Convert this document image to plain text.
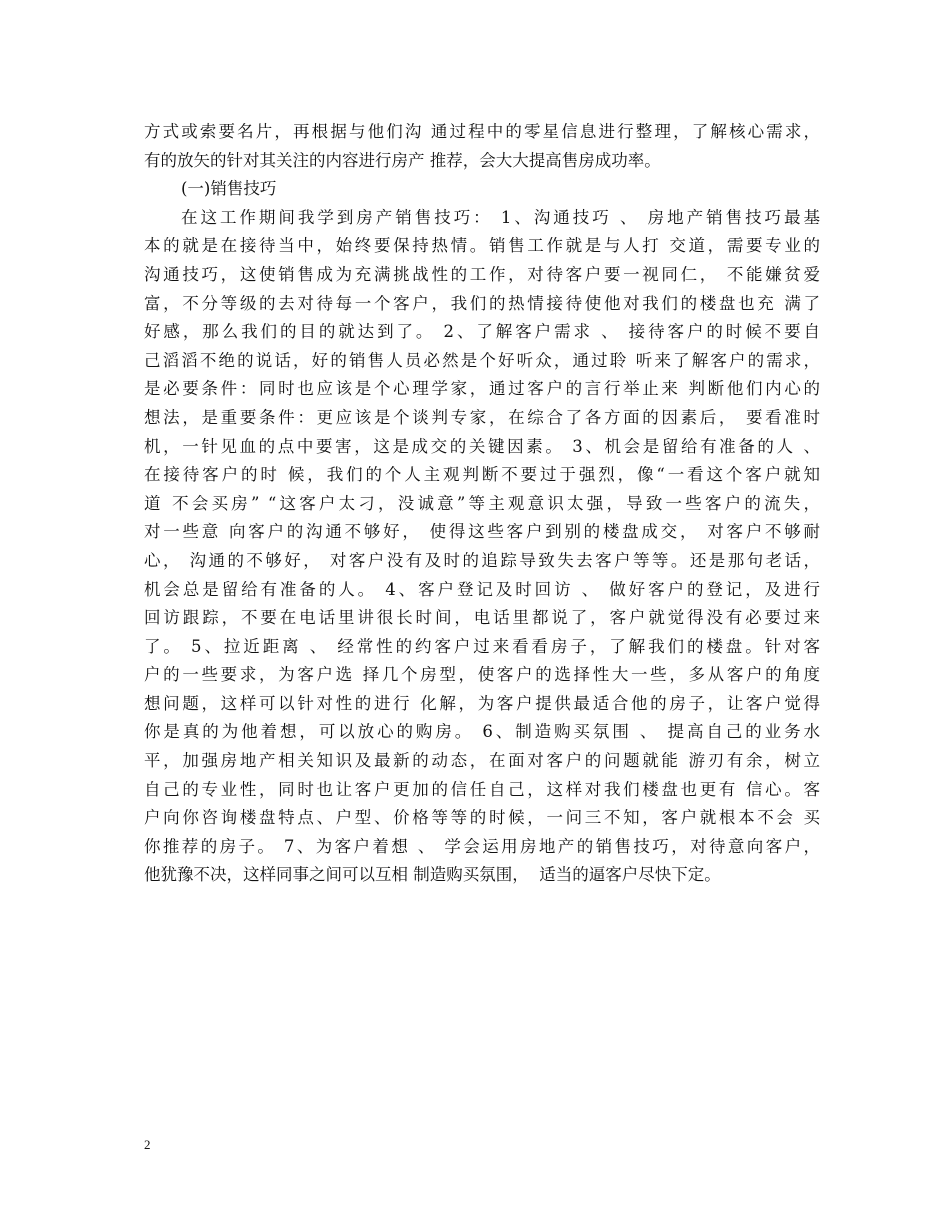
方式或索要名片，再根据与他们沟 通过程中的零星信息进行整理，了解核心需求，
有的放矢的针对其关注的内容进行房产 推荐，会大大提高售房成功率。
(一)销售技巧
在这工作期间我学到房产销售技巧： 1、沟通技巧 、 房地产销售技巧最基
本的就是在接待当中，始终要保持热情。销售工作就是与人打 交道，需要专业的
沟通技巧，这使销售成为充满挑战性的工作，对待客户要一视同仁， 不能嫌贫爱
富，不分等级的去对待每一个客户，我们的热情接待使他对我们的楼盘也充 满了
好感，那么我们的目的就达到了。 2、了解客户需求 、 接待客户的时候不要自
己滔滔不绝的说话，好的销售人员必然是个好听众，通过聆 听来了解客户的需求，
是必要条件：同时也应该是个心理学家，通过客户的言行举止来 判断他们内心的
想法，是重要条件：更应该是个谈判专家，在综合了各方面的因素后， 要看准时
机，一针见血的点中要害，这是成交的关键因素。 3、机会是留给有准备的人 、
在接待客户的时 候，我们的个人主观判断不要过于强烈，像“一看这个客户就知
道 不会买房” “这客户太刁，没诚意”等主观意识太强，导致一些客户的流失，
对一些意 向客户的沟通不够好， 使得这些客户到别的楼盘成交， 对客户不够耐
心， 沟通的不够好， 对客户没有及时的追踪导致失去客户等等。还是那句老话，
机会总是留给有准备的人。 4、客户登记及时回访 、 做好客户的登记，及进行
回访跟踪，不要在电话里讲很长时间，电话里都说了，客户就觉得没有必要过来
了。 5、拉近距离 、 经常性的约客户过来看看房子，了解我们的楼盘。针对客
户的一些要求，为客户选 择几个房型，使客户的选择性大一些，多从客户的角度
想问题，这样可以针对性的进行 化解，为客户提供最适合他的房子，让客户觉得
你是真的为他着想，可以放心的购房。 6、制造购买氛围 、 提高自己的业务水
平，加强房地产相关知识及最新的动态，在面对客户的问题就能 游刃有余，树立
自己的专业性，同时也让客户更加的信任自己，这样对我们楼盘也更有 信心。客
户向你咨询楼盘特点、户型、价格等等的时候，一问三不知，客户就根本不会 买
你推荐的房子。 7、为客户着想 、 学会运用房地产的销售技巧，对待意向客户，
他犹豫不决，这样同事之间可以互相 制造购买氛围，  适当的逼客户尽快下定。
2
